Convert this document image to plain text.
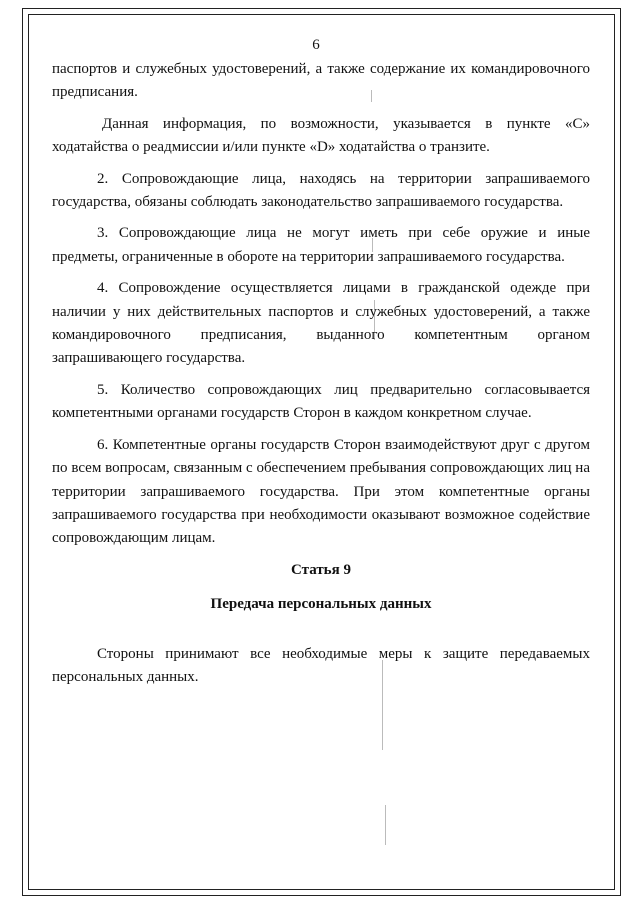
6

паспортов и служебных удостоверений, а также содержание их командировочного предписания.

Данная информация, по возможности, указывается в пункте «С» ходатайства о реадмиссии и/или пункте «D» ходатайства о транзите.

2. Сопровождающие лица, находясь на территории запрашиваемого государства, обязаны соблюдать законодательство запрашиваемого государства.

3. Сопровождающие лица не могут иметь при себе оружие и иные предметы, ограниченные в обороте на территории запрашиваемого государства.

4. Сопровождение осуществляется лицами в гражданской одежде при наличии у них действительных паспортов и служебных удостоверений, а также командировочного предписания, выданного компетентным органом запрашивающего государства.

5. Количество сопровождающих лиц предварительно согласовывается компетентными органами государств Сторон в каждом конкретном случае.

6. Компетентные органы государств Сторон взаимодействуют друг с другом по всем вопросам, связанным с обеспечением пребывания сопровождающих лиц на территории запрашиваемого государства. При этом компетентные органы запрашиваемого государства при необходимости оказывают возможное содействие сопровождающим лицам.

Статья 9
Передача персональных данных

Стороны принимают все необходимые меры к защите передаваемых персональных данных.
